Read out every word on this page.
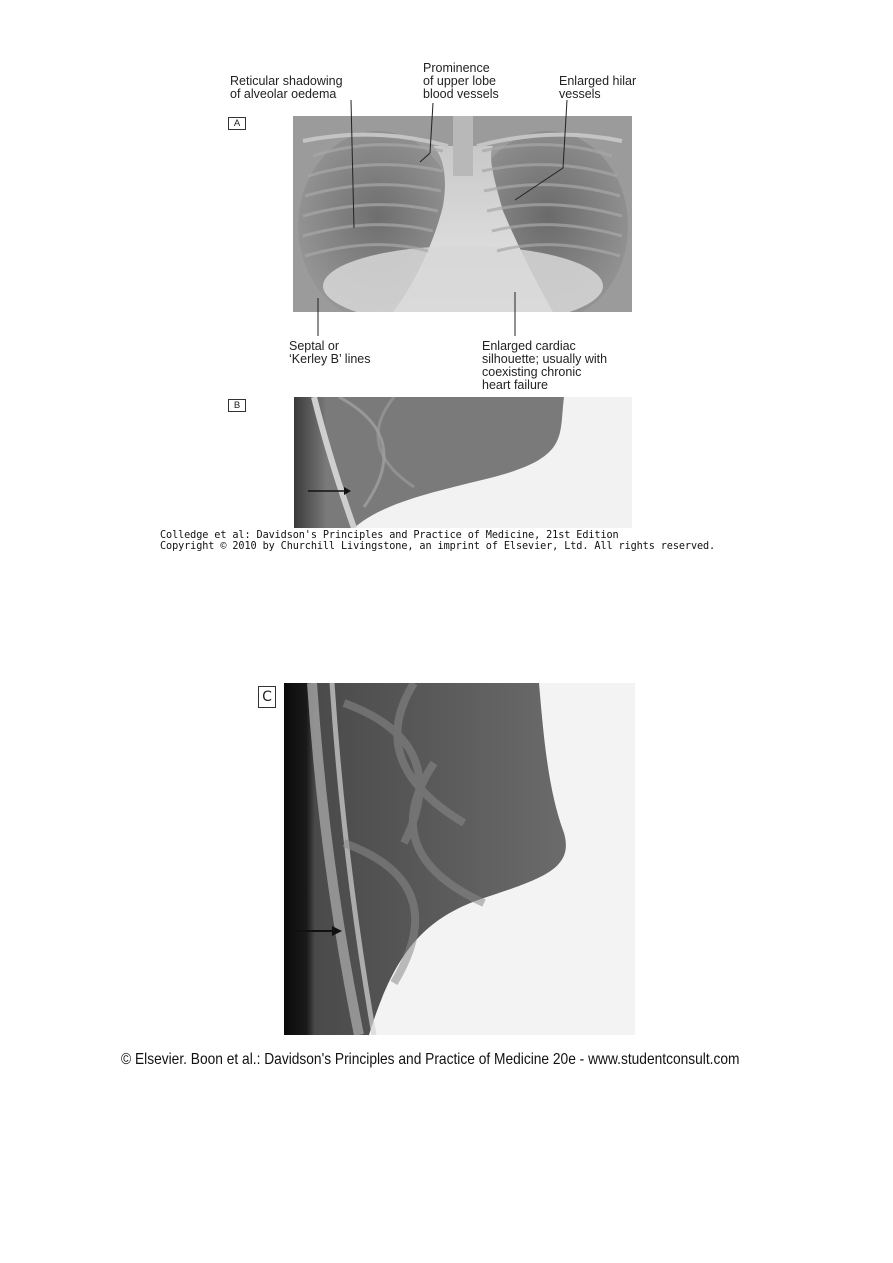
Reticular shadowing
of alveolar oedema
Prominence
of upper lobe
blood vessels
Enlarged hilar
vessels
A
Septal or
‘Kerley B’ lines
Enlarged cardiac
silhouette; usually with
coexisting chronic
heart failure
B
Colledge et al: Davidson's Principles and Practice of Medicine, 21st Edition
Copyright © 2010 by Churchill Livingstone, an imprint of Elsevier, Ltd. All rights reserved.
C
© Elsevier. Boon et al.: Davidson's Principles and Practice of Medicine 20e - www.studentconsult.com
